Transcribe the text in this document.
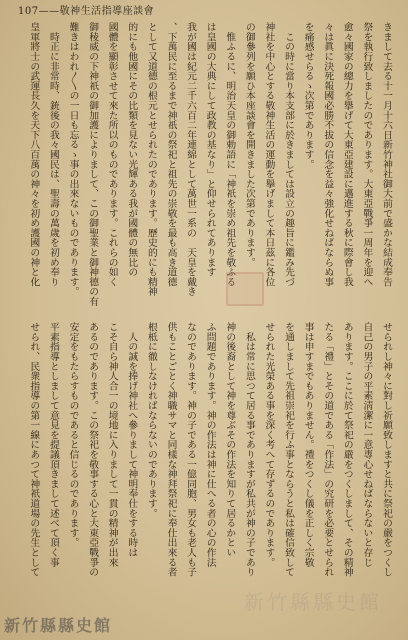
107——敬神生活指導座談會
きまして去る十一月十六日新竹神社御大前で盛かな結成奉告
祭を執行致しましたのであります。大東亞戰爭一周年を迎へ
愈々國家の總力を擧げて大東亞建設に邁進する秋に際會し我
々は眞に決死報國必勝不拔の信念を益々強化せねばならぬ事
を痛感せらるゝ次第であります。
　この時に當り本支部に於きましては設立の趣旨に鑑み先づ
神社を中心とする敬神生活の運動を擧げまして本日茲に各位
の御參列を願ひ本座談會を開きました次第であります。
　惟ふるに、明治天皇の御勅語に「神祇を崇め祖先を敬ふる
は皇國の大典にして政教の基なり」と仰せられてあります
我が國は紀元二千六百二年連綿として萬世一系の　天皇を戴き
、下萬民に至るまで神祇の祭祀と祖先の崇敬を最も高き道德
として又道德の根元とせられたのであります。歷史的にも精神
的にも他國にその比類を見ない光輝ある我が國體の無比の
國體を顯彰させて來た所以のものであります。これらの如く
御稜威の下神祇の御加護によりまして、この御聖業と御神德の有
難きはわれ〳〵の一日も忘るゝ事の出來ないものであります。
　時正に非常時、銃後の我々國民は、聖壽の萬歲を初め奉り
皇軍將士の武運長久を天下八百萬の神々を初め護國の神と化
せられし神々に對し祈願致しますと共に祭祀の嚴をつくし
自己の男子の平素淸潔に一意專心せねばならないと存じ
あります。ここに於て祭祀の嚴をつくしまして、その精神
たる「禮」とその道である「作法」の究研を必要とせられ
事は申すまでもありません。禮をつくし儀を正しく宗敬
を通しまして先祖崇祀を行ふ事とならうと私は確信致して
せられた光榮ある事を深く考へて存ずるのであります。
　私は常に思つて居る事でありますが私共が神の子であり
神の後裔として神を尊ぶその作法を知りて居るかとい
ふ問題であります。神の作法は神に仕へる者の心の作法
なのであります。神の子である一億同胞、男女も老人も子
供もことごとく神職サマと同樣な神拜祭祀に奉仕出來る者
根柢に徹しなければならないのであります。
　人の誠を捧げ神社へ參りまして神明奉仕をする時は
こそ自ら神人合一の境地に入りまして一貫の精神が出來
あるのであります。この祭祀を敬事する心と大東亞戰爭の
安定をもたらすものであると信じるのであります。
平素指導としまして意見を提議頂きまして述べて頂く事
せられ、民衆指導の第一線にあつて神祇道場の先生として
新竹縣縣史館
新竹縣縣史館
